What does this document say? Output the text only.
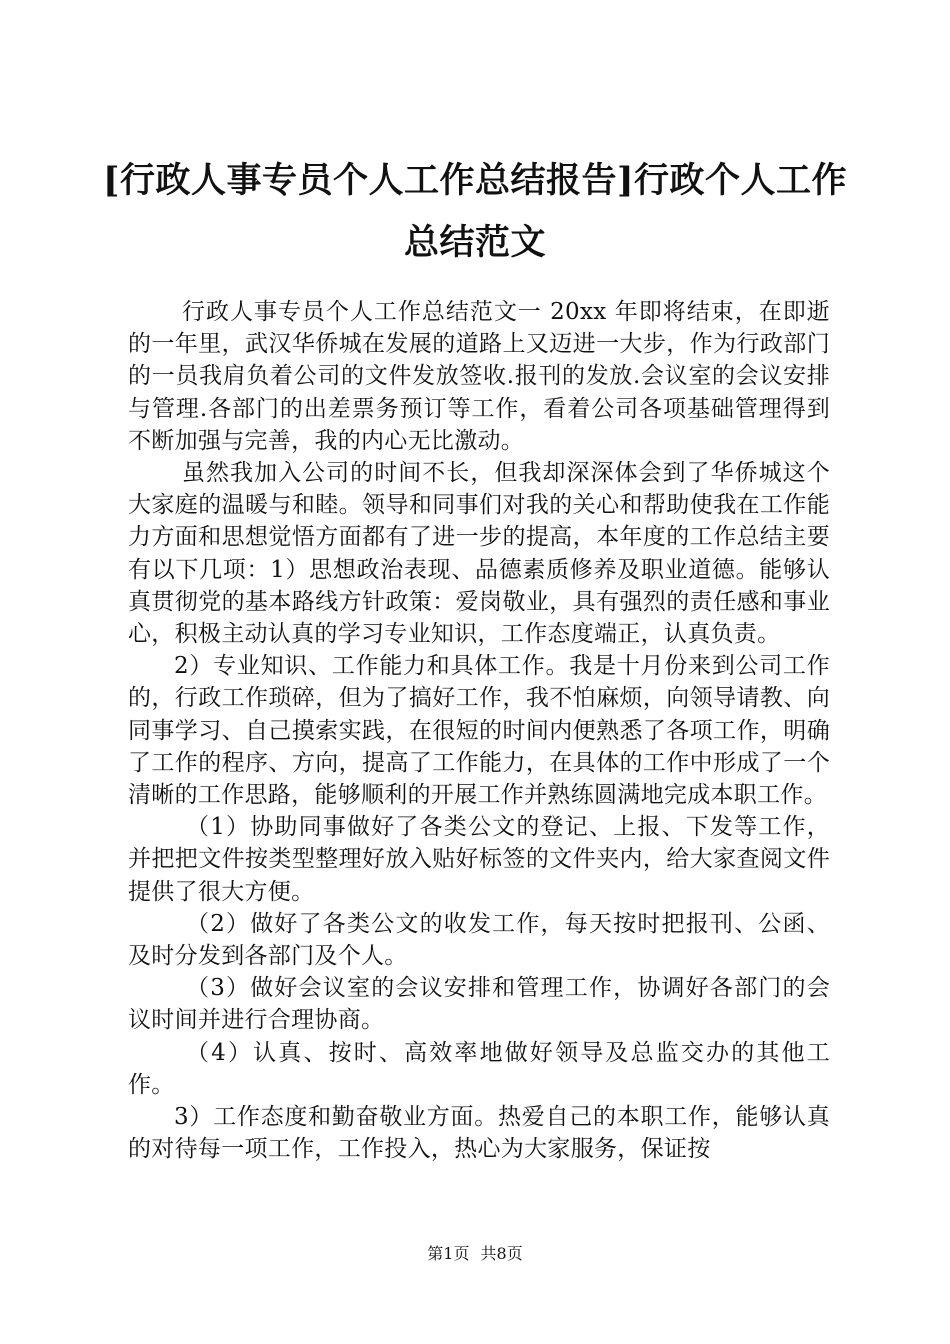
[行政人事专员个人工作总结报告]行政个人工作总结范文

行政人事专员个人工作总结范文一 20xx 年即将结束，在即逝的一年里，武汉华侨城在发展的道路上又迈进一大步，作为行政部门的一员我肩负着公司的文件发放签收.报刊的发放.会议室的会议安排与管理.各部门的出差票务预订等工作，看着公司各项基础管理得到不断加强与完善，我的内心无比激动。

虽然我加入公司的时间不长，但我却深深体会到了华侨城这个大家庭的温暖与和睦。领导和同事们对我的关心和帮助使我在工作能力方面和思想觉悟方面都有了进一步的提高，本年度的工作总结主要有以下几项：1）思想政治表现、品德素质修养及职业道德。能够认真贯彻党的基本路线方针政策：爱岗敬业，具有强烈的责任感和事业心，积极主动认真的学习专业知识，工作态度端正，认真负责。

2）专业知识、工作能力和具体工作。我是十月份来到公司工作的，行政工作琐碎，但为了搞好工作，我不怕麻烦，向领导请教、向同事学习、自己摸索实践，在很短的时间内便熟悉了各项工作，明确了工作的程序、方向，提高了工作能力，在具体的工作中形成了一个清晰的工作思路，能够顺利的开展工作并熟练圆满地完成本职工作。

（1）协助同事做好了各类公文的登记、上报、下发等工作，并把把文件按类型整理好放入贴好标签的文件夹内，给大家查阅文件提供了很大方便。

（2）做好了各类公文的收发工作，每天按时把报刊、公函、及时分发到各部门及个人。

（3）做好会议室的会议安排和管理工作，协调好各部门的会议时间并进行合理协商。

（4）认真、按时、高效率地做好领导及总监交办的其他工作。

3）工作态度和勤奋敬业方面。热爱自己的本职工作，能够认真的对待每一项工作，工作投入，热心为大家服务，保证按

第1页 共8页
